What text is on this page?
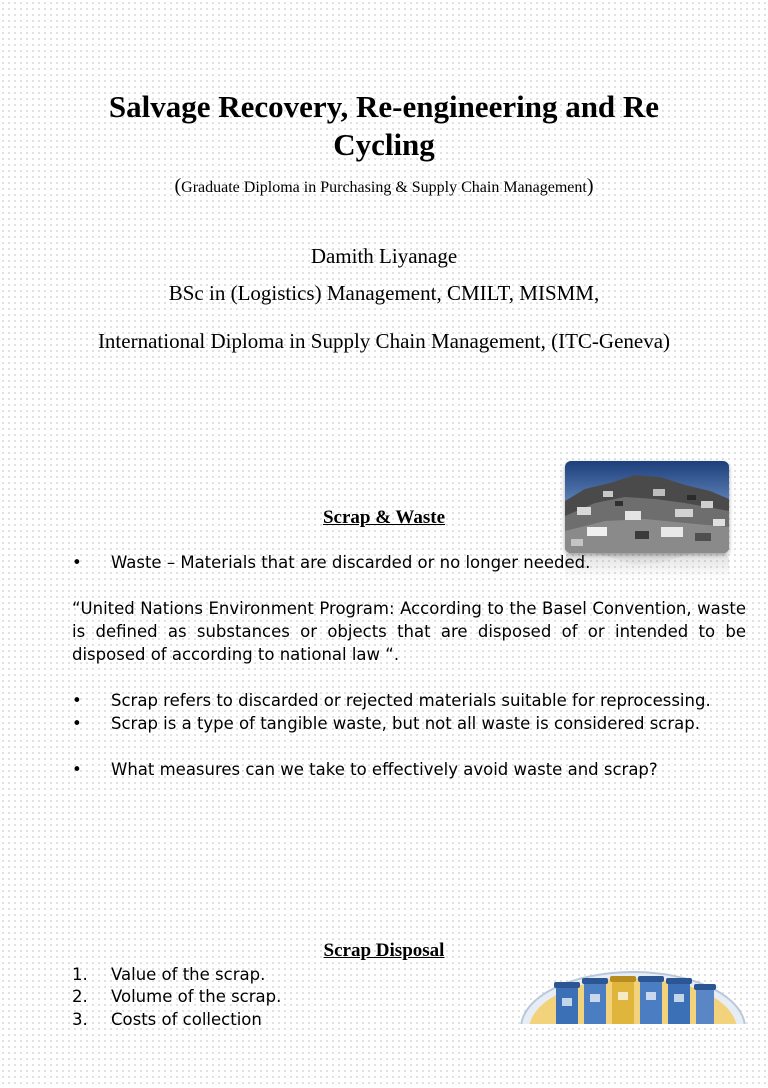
Salvage Recovery, Re-engineering and Re Cycling
(Graduate Diploma in Purchasing & Supply Chain Management)
Damith Liyanage
BSc in (Logistics) Management, CMILT, MISMM,
International Diploma in Supply Chain Management, (ITC-Geneva)
Scrap & Waste
• Waste – Materials that are discarded or no longer needed.
“United Nations Environment Program: According to the Basel Convention, waste is defined as substances or objects that are disposed of or intended to be disposed of according to national law “.
• Scrap refers to discarded or rejected materials suitable for reprocessing.
• Scrap is a type of tangible waste, but not all waste is considered scrap.
• What measures can we take to effectively avoid waste and scrap?
Scrap Disposal
1. Value of the scrap.
2. Volume of the scrap.
3. Costs of collection
